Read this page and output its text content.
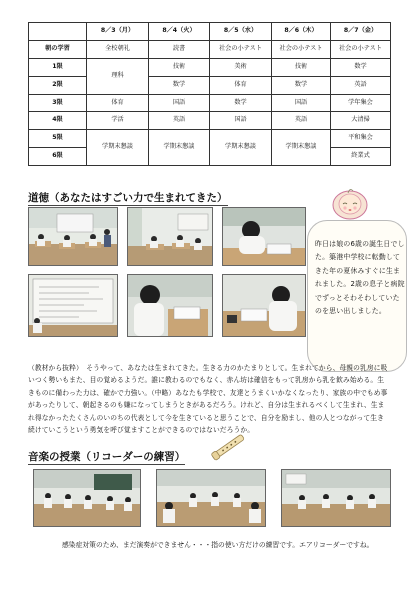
	8／3（月）	8／4（火）	8／5（水）	8／6（木）	8／7（金）
朝の学習	全校朝礼	読書	社会の小テスト	社会の小テスト	社会の小テスト
1限	理科	技術	美術	技術	数学
2限		数学	体育	数学	英語
3限	体育	国語	数学	国語	学年集会
4限	学活	英語	国語	英語	大清掃
5限	学期末懇談	学期末懇談	学期末懇談	学期末懇談	平和集会
6限					終業式
道徳（あなたはすごい力で生まれてきた）
昨日は娘の6歳の誕生日でした。築港中学校に転勤してきた年の夏休みすぐに生まれました。2歳の息子と病院でずっとそわそわしていたのを思い出しました。
（教材から抜粋）　そうやって、あなたは生まれてきた。生きる力のかたまりとして。生まれてから、母親の乳房に吸いつく勢いもまた、目の覚めるようだ。誰に教わるのでもなく、赤ん坊は確信をもって乳房から乳を飲み始める。生きものに備わった力は、確かで力強い。（中略）あなたも学校で、友達とうまくいかなくなったり、家族の中でもめ事があったりして、朝起きるのも嫌になってしまうときがあるだろう。けれど、自分は生まれるべくして生まれ、生まれ得なかったたくさんのいのちの代表として今を生きていると思うことで、自分を励まし、他の人とつながって生き続けていこうという勇気を呼び覚ますことができるのではないだろうか。
音楽の授業（リコーダーの練習）
感染症対策のため、まだ演奏ができません・・・指の使い方だけの練習です。エアリコーダーですね。
